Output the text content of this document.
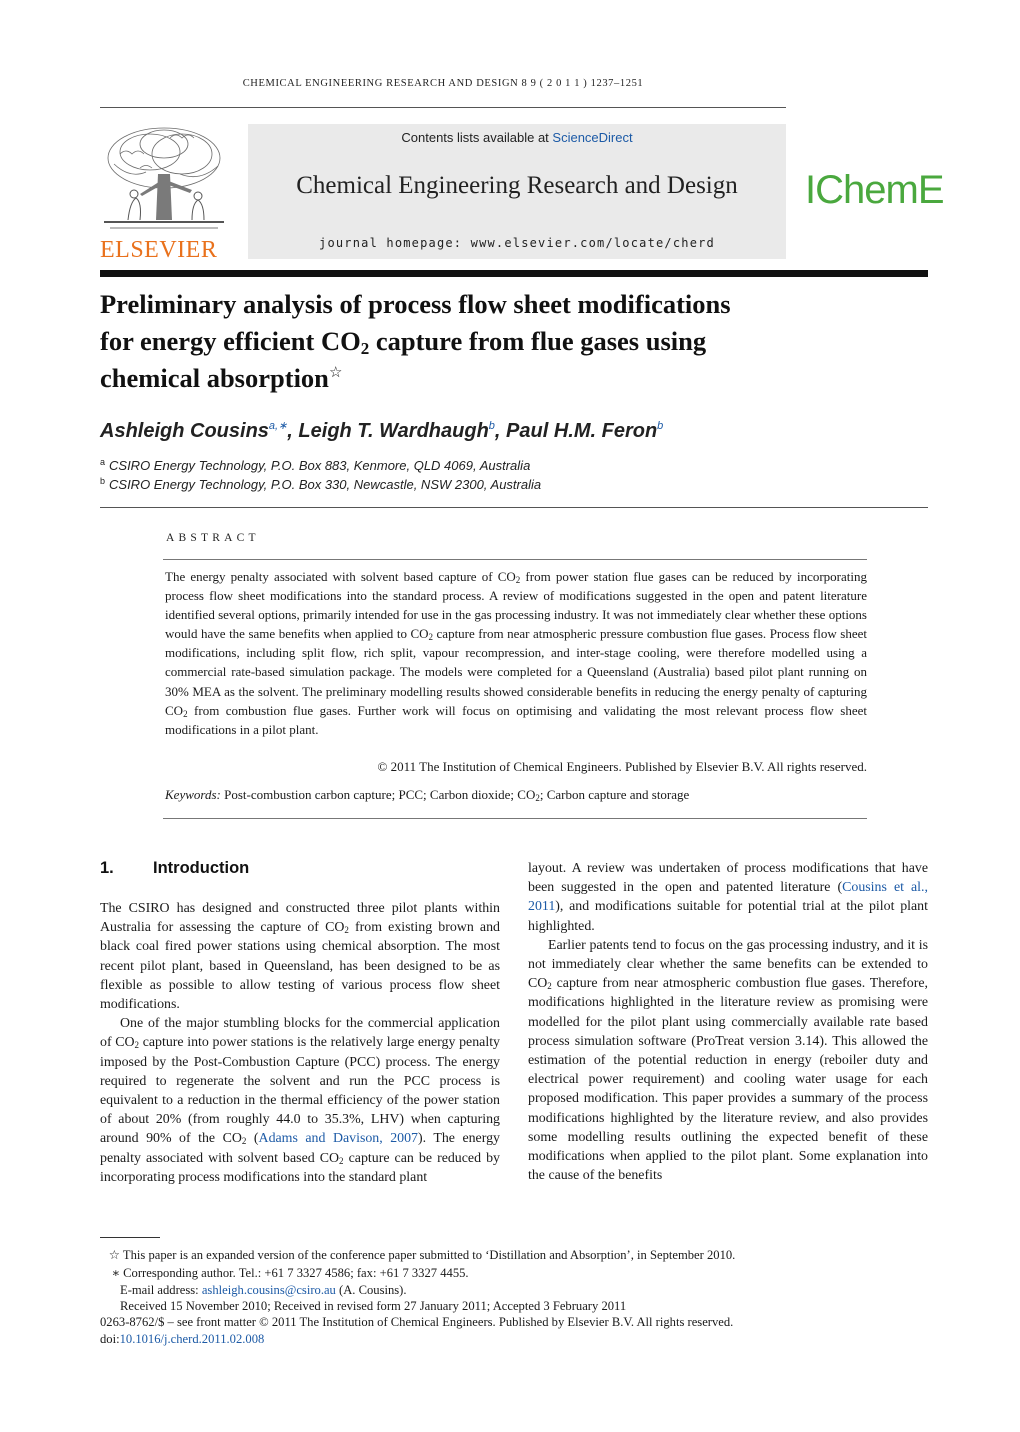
CHEMICAL ENGINEERING RESEARCH AND DESIGN 8 9 ( 2 0 1 1 ) 1237–1251
ELSEVIER
Contents lists available at ScienceDirect
Chemical Engineering Research and Design
journal homepage: www.elsevier.com/locate/cherd
IChemE
Preliminary analysis of process flow sheet modifications
for energy efficient $CO_2$ capture from flue gases using
chemical absorption☆
Ashleigh Cousins$^{a,∗}$, Leigh T. Wardhaugh$^b$, Paul H.M. Feron$^b$
$^a$ CSIRO Energy Technology, P.O. Box 883, Kenmore, QLD 4069, Australia
$^b$ CSIRO Energy Technology, P.O. Box 330, Newcastle, NSW 2300, Australia
ABSTRACT
The energy penalty associated with solvent based capture of $CO_2$ from power station flue gases can be reduced by incorporating process flow sheet modifications into the standard process. A review of modifications suggested in the open and patent literature identified several options, primarily intended for use in the gas processing industry. It was not immediately clear whether these options would have the same benefits when applied to $CO_2$ capture from near atmospheric pressure combustion flue gases. Process flow sheet modifications, including split flow, rich split, vapour recompression, and inter-stage cooling, were therefore modelled using a commercial rate-based simulation package. The models were completed for a Queensland (Australia) based pilot plant running on 30% MEA as the solvent. The preliminary modelling results showed considerable benefits in reducing the energy penalty of capturing $CO_2$ from combustion flue gases. Further work will focus on optimising and validating the most relevant process flow sheet modifications in a pilot plant.
© 2011 The Institution of Chemical Engineers. Published by Elsevier B.V. All rights reserved.
Keywords: Post-combustion carbon capture; PCC; Carbon dioxide; $CO_2$; Carbon capture and storage
1. Introduction

The CSIRO has designed and constructed three pilot plants within Australia for assessing the capture of $CO_2$ from existing brown and black coal fired power stations using chemical absorption. The most recent pilot plant, based in Queensland, has been designed to be as flexible as possible to allow testing of various process flow sheet modifications.

One of the major stumbling blocks for the commercial application of $CO_2$ capture into power stations is the relatively large energy penalty imposed by the Post-Combustion Capture (PCC) process. The energy required to regenerate the solvent and run the PCC process is equivalent to a reduction in the thermal efficiency of the power station of about 20% (from roughly 44.0 to 35.3%, LHV) when capturing around 90% of the $CO_2$ (Adams and Davison, 2007). The energy penalty associated with solvent based $CO_2$ capture can be reduced by incorporating process modifications into the standard plant

layout. A review was undertaken of process modifications that have been suggested in the open and patented literature (Cousins et al., 2011), and modifications suitable for potential trial at the pilot plant highlighted.

Earlier patents tend to focus on the gas processing industry, and it is not immediately clear whether the same benefits can be extended to $CO_2$ capture from near atmospheric combustion flue gases. Therefore, modifications highlighted in the literature review as promising were modelled for the pilot plant using commercially available rate based process simulation software (ProTreat version 3.14). This allowed the estimation of the potential reduction in energy (reboiler duty and electrical power requirement) and cooling water usage for each proposed modification. This paper provides a summary of the process modifications highlighted by the literature review, and also provides some modelling results outlining the expected benefit of these modifications when applied to the pilot plant. Some explanation into the cause of the benefits

☆ This paper is an expanded version of the conference paper submitted to ‘Distillation and Absorption’, in September 2010.
∗ Corresponding author. Tel.: +61 7 3327 4586; fax: +61 7 3327 4455.
E-mail address: ashleigh.cousins@csiro.au (A. Cousins).
Received 15 November 2010; Received in revised form 27 January 2011; Accepted 3 February 2011
0263-8762/$ – see front matter © 2011 The Institution of Chemical Engineers. Published by Elsevier B.V. All rights reserved.
doi:10.1016/j.cherd.2011.02.008
